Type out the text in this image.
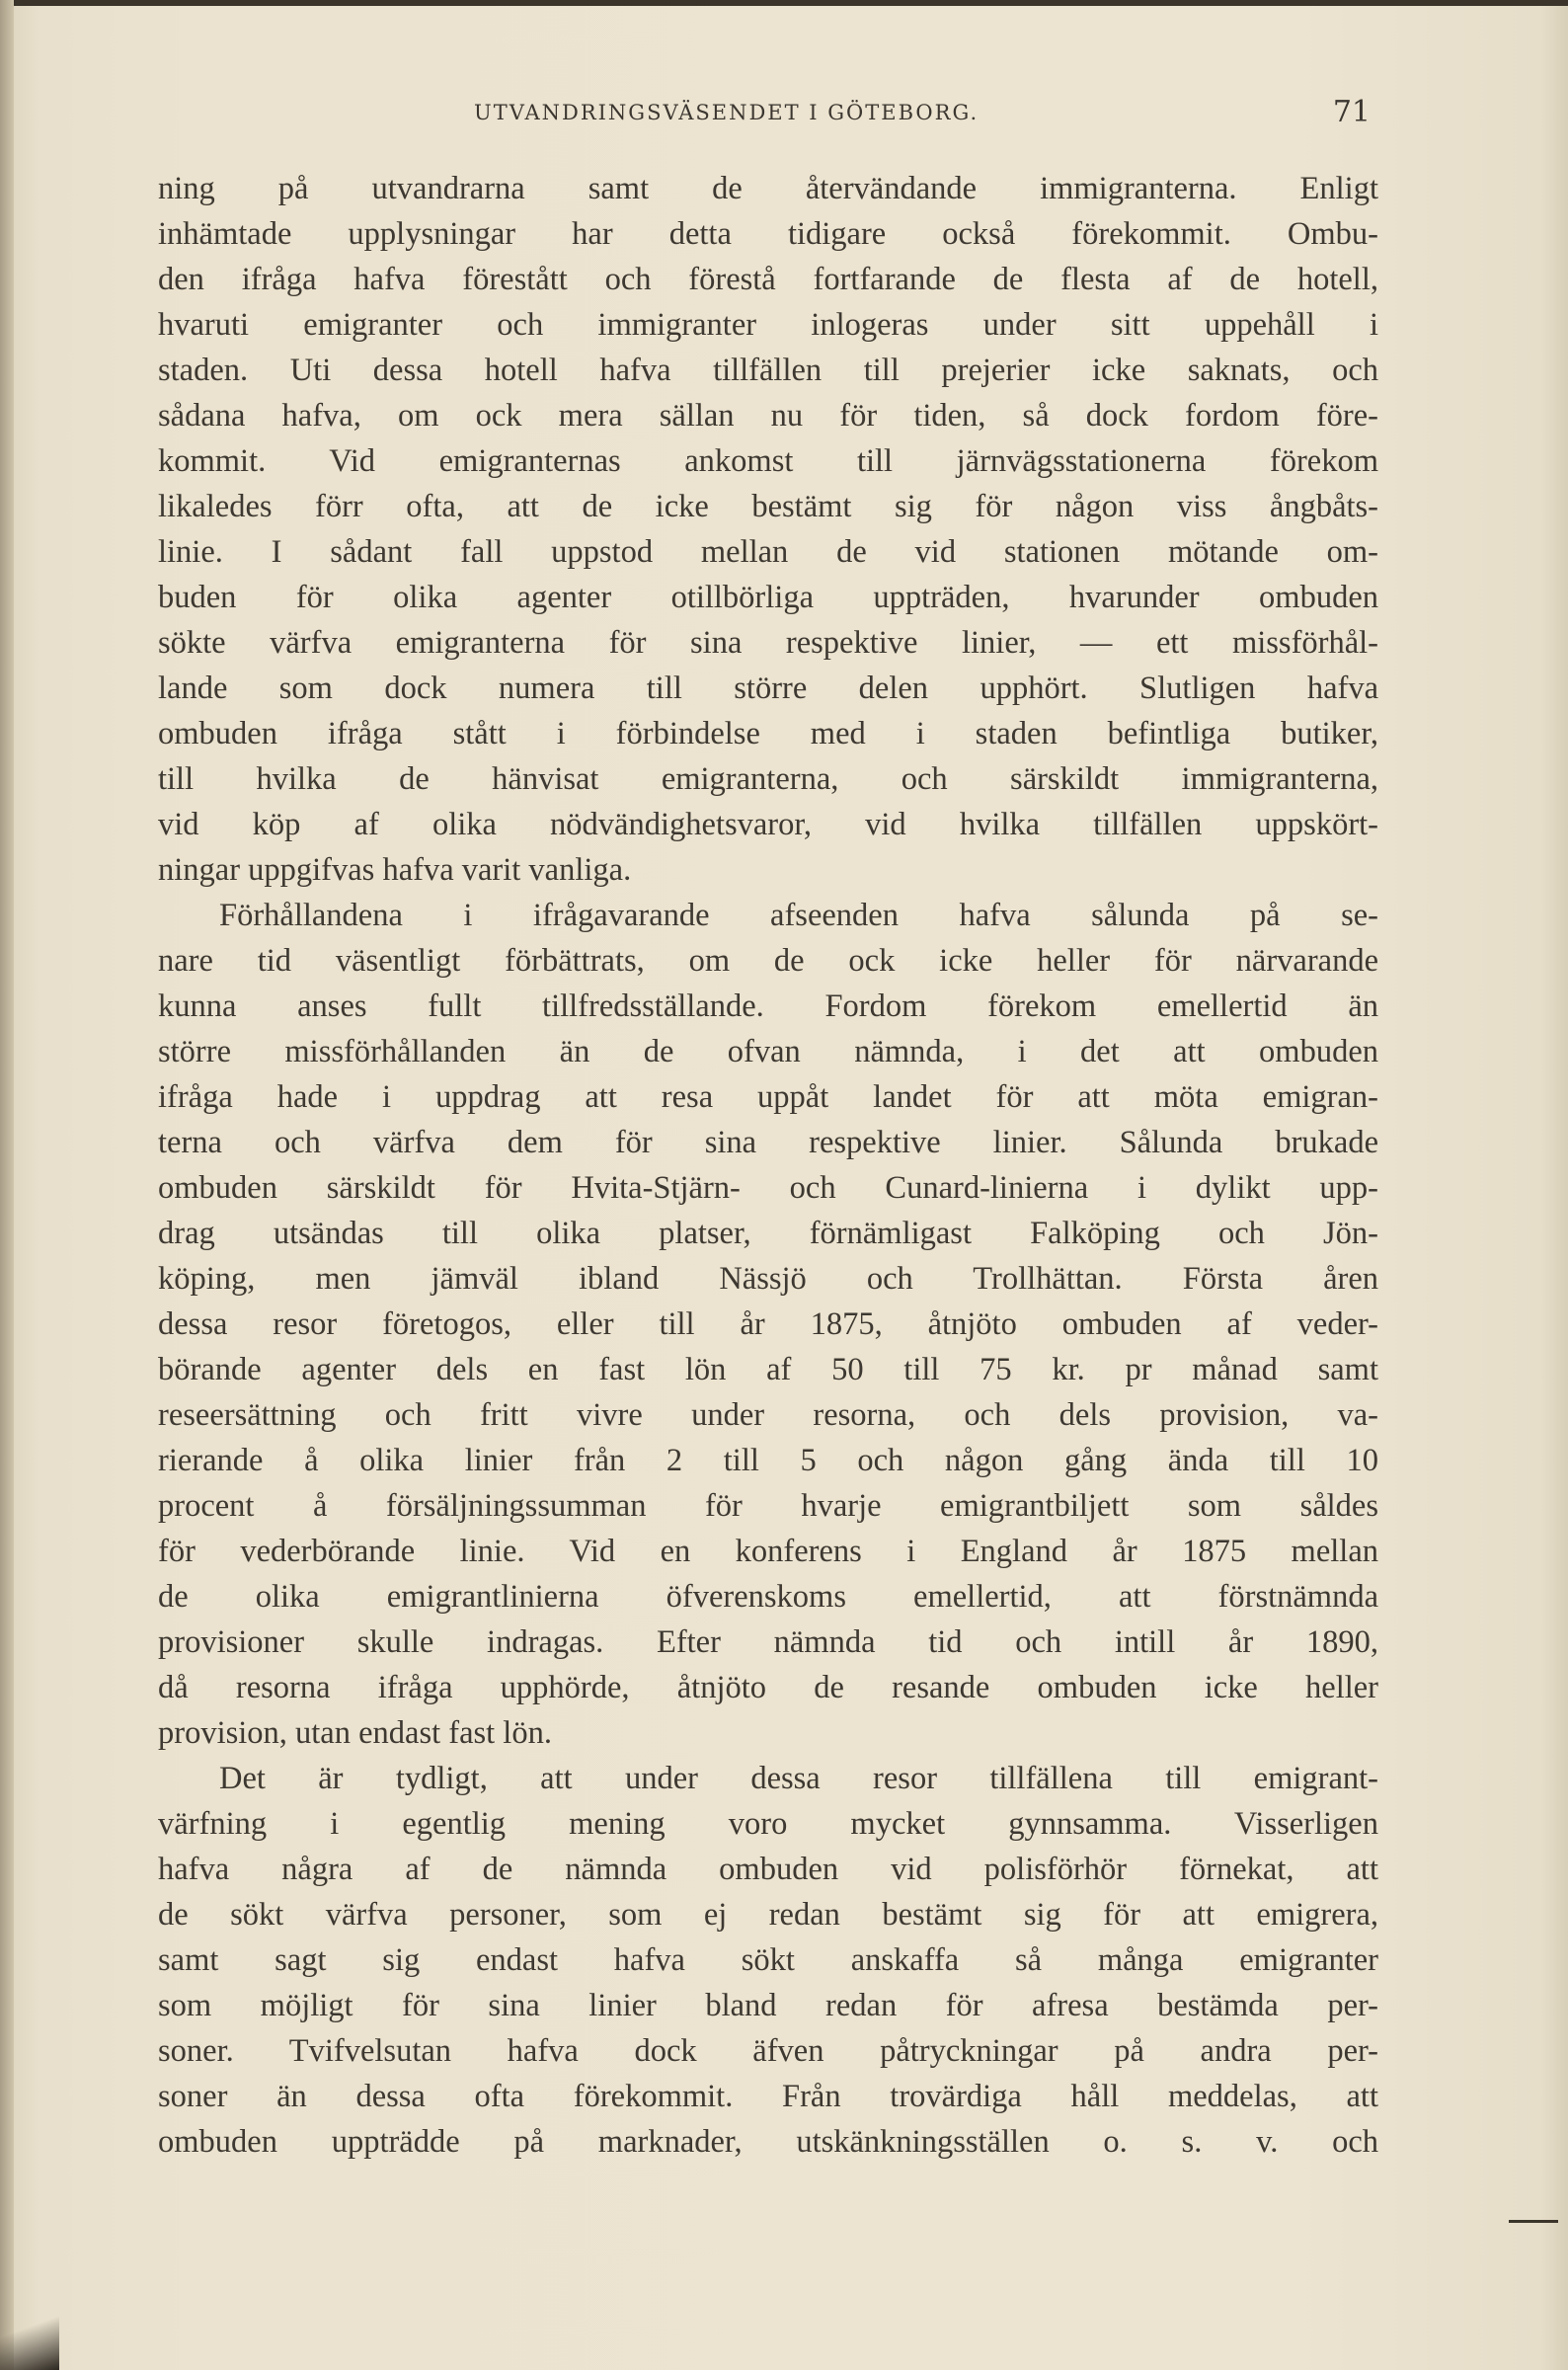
UTVANDRINGSVÄSENDET I GÖTEBORG.	71
ning på utvandrarna samt de återvändande immigranterna. Enligt
inhämtade upplysningar har detta tidigare också förekommit. Ombu-
den ifråga hafva förestått och förestå fortfarande de flesta af de hotell,
hvaruti emigranter och immigranter inlogeras under sitt uppehåll i
staden. Uti dessa hotell hafva tillfällen till prejerier icke saknats, och
sådana hafva, om ock mera sällan nu för tiden, så dock fordom före-
kommit. Vid emigranternas ankomst till järnvägsstationerna förekom
likaledes förr ofta, att de icke bestämt sig för någon viss ångbåts-
linie. I sådant fall uppstod mellan de vid stationen mötande om-
buden för olika agenter otillbörliga uppträden, hvarunder ombuden
sökte värfva emigranterna för sina respektive linier, — ett missförhål-
lande som dock numera till större delen upphört. Slutligen hafva
ombuden ifråga stått i förbindelse med i staden befintliga butiker,
till hvilka de hänvisat emigranterna, och särskildt immigranterna,
vid köp af olika nödvändighetsvaror, vid hvilka tillfällen uppskört-
ningar uppgifvas hafva varit vanliga.
Förhållandena i ifrågavarande afseenden hafva sålunda på se-
nare tid väsentligt förbättrats, om de ock icke heller för närvarande
kunna anses fullt tillfredsställande. Fordom förekom emellertid än
större missförhållanden än de ofvan nämnda, i det att ombuden
ifråga hade i uppdrag att resa uppåt landet för att möta emigran-
terna och värfva dem för sina respektive linier. Sålunda brukade
ombuden särskildt för Hvita-Stjärn- och Cunard-linierna i dylikt upp-
drag utsändas till olika platser, förnämligast Falköping och Jön-
köping, men jämväl ibland Nässjö och Trollhättan. Första åren
dessa resor företogos, eller till år 1875, åtnjöto ombuden af veder-
börande agenter dels en fast lön af 50 till 75 kr. pr månad samt
reseersättning och fritt vivre under resorna, och dels provision, va-
rierande å olika linier från 2 till 5 och någon gång ända till 10
procent å försäljningssumman för hvarje emigrantbiljett som såldes
för vederbörande linie. Vid en konferens i England år 1875 mellan
de olika emigrantlinierna öfverenskoms emellertid, att förstnämnda
provisioner skulle indragas. Efter nämnda tid och intill år 1890,
då resorna ifråga upphörde, åtnjöto de resande ombuden icke heller
provision, utan endast fast lön.
Det är tydligt, att under dessa resor tillfällena till emigrant-
värfning i egentlig mening voro mycket gynnsamma. Visserligen
hafva några af de nämnda ombuden vid polisförhör förnekat, att
de sökt värfva personer, som ej redan bestämt sig för att emigrera,
samt sagt sig endast hafva sökt anskaffa så många emigranter
som möjligt för sina linier bland redan för afresa bestämda per-
soner. Tvifvelsutan hafva dock äfven påtryckningar på andra per-
soner än dessa ofta förekommit. Från trovärdiga håll meddelas, att
ombuden uppträdde på marknader, utskänkningsställen o. s. v. och
